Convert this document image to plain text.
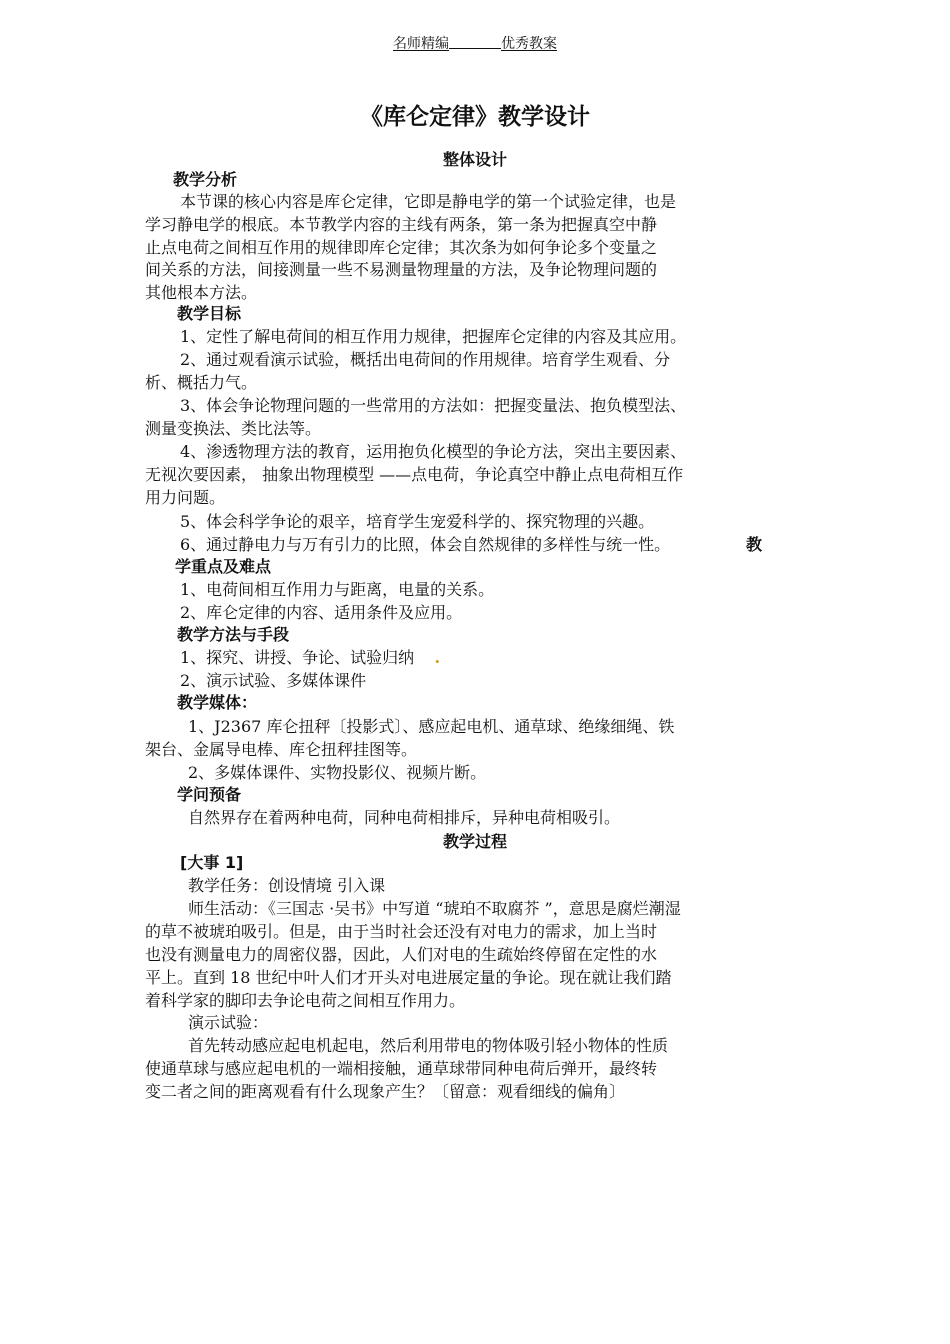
名师精编	优秀教案
《库仑定律》教学设计
整体设计
教学分析
本节课的核心内容是库仑定律，它即是静电学的第一个试验定律，也是
学习静电学的根底。本节教学内容的主线有两条，第一条为把握真空中静
止点电荷之间相互作用的规律即库仑定律；其次条为如何争论多个变量之
间关系的方法，间接测量一些不易测量物理量的方法，及争论物理问题的
其他根本方法。
教学目标
1、定性了解电荷间的相互作用力规律，把握库仑定律的内容及其应用。
2、通过观看演示试验，概括出电荷间的作用规律。培育学生观看、分
析、概括力气。
3、体会争论物理问题的一些常用的方法如：把握变量法、抱负模型法、
测量变换法、类比法等。
4、渗透物理方法的教育，运用抱负化模型的争论方法，突出主要因素、
无视次要因素， 抽象出物理模型 ——点电荷，争论真空中静止点电荷相互作
用力问题。
5、体会科学争论的艰辛，培育学生宠爱科学的、探究物理的兴趣。
6、通过静电力与万有引力的比照，体会自然规律的多样性与统一性。	教
学重点及难点
1、电荷间相互作用力与距离，电量的关系。
2、库仑定律的内容、适用条件及应用。
教学方法与手段
1、探究、讲授、争论、试验归纳 .
2、演示试验、多媒体课件
教学媒体：
1、J2367 库仑扭秤〔投影式〕、感应起电机、通草球、绝缘细绳、铁
架台、金属导电棒、库仑扭秤挂图等。
2、多媒体课件、实物投影仪、视频片断。
学问预备
自然界存在着两种电荷，同种电荷相排斥，异种电荷相吸引。
教学过程
[大事 1]
教学任务：创设情境 引入课
师生活动：《三国志 ·吴书》中写道 “琥珀不取腐芥 ”，意思是腐烂潮湿
的草不被琥珀吸引。但是，由于当时社会还没有对电力的需求，加上当时
也没有测量电力的周密仪器，因此，人们对电的生疏始终停留在定性的水
平上。直到 18 世纪中叶人们才开头对电进展定量的争论。现在就让我们踏
着科学家的脚印去争论电荷之间相互作用力。
演示试验：
首先转动感应起电机起电，然后利用带电的物体吸引轻小物体的性质
使通草球与感应起电机的一端相接触，通草球带同种电荷后弹开，最终转
变二者之间的距离观看有什么现象产生？〔留意：观看细线的偏角〕
